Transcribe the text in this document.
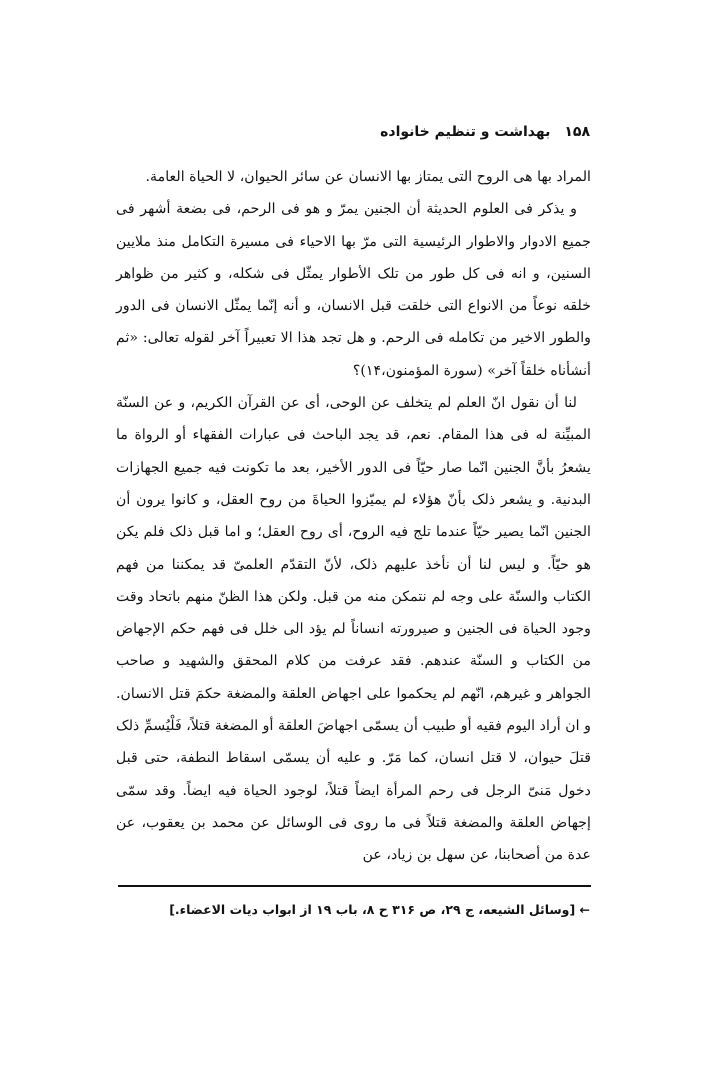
۱۵۸بهداشت و تنظیم خانواده

المراد بها هی الروح التی یمتاز بها الانسان عن سائر الحیوان، لا الحیاة العامة.

و یذکر فی العلوم الحدیثة أن الجنین یمرّ و هو فی الرحم، فی بضعة أشهر فی جمیع الادوار والاطوار الرئیسیة التی مرّ بها الاحیاء فی مسیرة التکامل منذ ملایین السنین، و انه فی کل طور من تلک الأطوار یمثّل فی شکله، و کثیر من ظواهر خلقه نوعاً من الانواع التی خلقت قبل الانسان، و أنه إنّما یمثّل الانسان فی الدور والطور الاخیر من تکامله فی الرحم. و هل تجد هذا الا تعبیراً آخر لقوله تعالی: «ثم أنشأناه خلقاً آخر» (سورة المؤمنون،۱۴)؟

لنا أن نقول انّ العلم لم یتخلف عن الوحی، أی عن القرآن الکریم، و عن السنّة المبیِّنة له فی هذا المقام. نعم، قد یجد الباحث فی عبارات الفقهاء أو الرواة ما یشعرُ بأنَّ الجنین انّما صار حیّاً فی الدور الأخیر، بعد ما تکونت فیه جمیع الجهازات البدنیة. و یشعر ذلک بأنّ هؤلاء لم یمیّزوا الحیاةَ من روح العقل، و کانوا یرون أن الجنین انّما یصیر حیّاً عندما تلج فیه الروح، أی روح العقل؛ و اما قبل ذلک فلم یکن هو حیّاً. و لیس لنا أن نأخذ علیهم ذلک، لأنّ التقدّم العلمیّ قد یمکننا من فهم الکتاب والسنّة علی وجه لم نتمکن منه من قبل. ولکن هذا الظنّ منهم باتحاد وقت وجود الحیاة فی الجنین و صیرورته انساناً لم یؤد الی خلل فی فهم حکم الإجهاض من الکتاب و السنّة عندهم. فقد عرفت من کلام المحقق والشهید و صاحب الجواهر و غیرهم، انّهم لم یحکموا علی اجهاض العلقة والمضغة حکمَ قتل الانسان. و ان أراد الیوم فقیه أو طبیب أن یسمّی اجهاضَ العلقة أو المضغة قتلاً، فَلْیُسمِّ ذلک قتلَ حیوان، لا قتل انسان، کما مَرّ. و علیه أن یسمّی اسقاط النطفة، حتی قبل دخول مَنیّ الرجل فی رحم المرأة ایضاً قتلاً، لوجود الحیاة فیه ایضاً. وقد سمّی إجهاض العلقة والمضغة قتلاً فی ما روی فی الوسائل عن محمد بن یعقوب، عن عدة من أصحابنا، عن سهل بن زیاد، عن

← [وسائل الشیعه، ج ۲۹، ص ۳۱۶ ح ۸، باب ۱۹ از ابواب دیات الاعضاء.]
